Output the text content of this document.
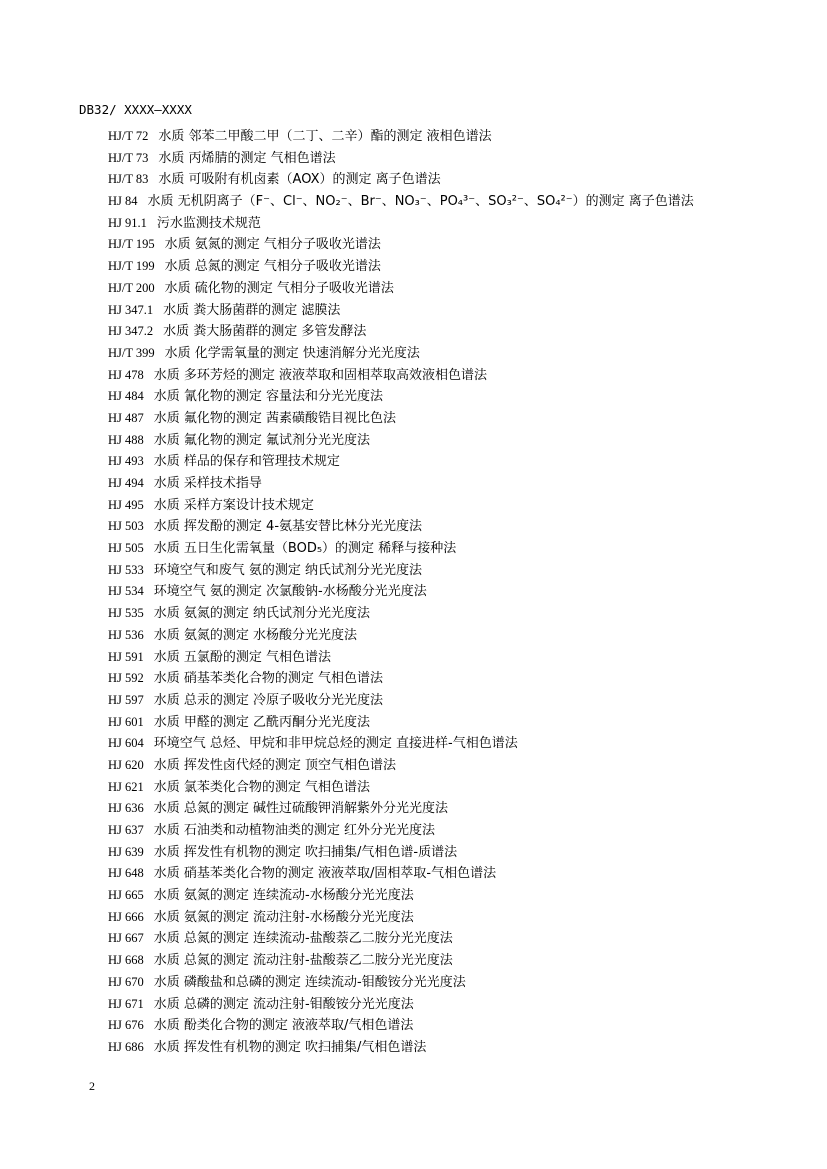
DB32/ XXXX—XXXX
HJ/T 72 水质 邻苯二甲酸二甲（二丁、二辛）酯的测定 液相色谱法
HJ/T 73 水质 丙烯腈的测定 气相色谱法
HJ/T 83 水质 可吸附有机卤素（AOX）的测定 离子色谱法
HJ 84 水质 无机阴离子（F⁻、Cl⁻、NO₂⁻、Br⁻、NO₃⁻、PO₄³⁻、SO₃²⁻、SO₄²⁻）的测定 离子色谱法
HJ 91.1 污水监测技术规范
HJ/T 195 水质 氨氮的测定 气相分子吸收光谱法
HJ/T 199 水质 总氮的测定 气相分子吸收光谱法
HJ/T 200 水质 硫化物的测定 气相分子吸收光谱法
HJ 347.1 水质 粪大肠菌群的测定 滤膜法
HJ 347.2 水质 粪大肠菌群的测定 多管发酵法
HJ/T 399 水质 化学需氧量的测定 快速消解分光光度法
HJ 478 水质 多环芳烃的测定 液液萃取和固相萃取高效液相色谱法
HJ 484 水质 氰化物的测定 容量法和分光光度法
HJ 487 水质 氟化物的测定 茜素磺酸锆目视比色法
HJ 488 水质 氟化物的测定 氟试剂分光光度法
HJ 493 水质 样品的保存和管理技术规定
HJ 494 水质 采样技术指导
HJ 495 水质 采样方案设计技术规定
HJ 503 水质 挥发酚的测定 4-氨基安替比林分光光度法
HJ 505 水质 五日生化需氧量（BOD₅）的测定 稀释与接种法
HJ 533 环境空气和废气 氨的测定 纳氏试剂分光光度法
HJ 534 环境空气 氨的测定 次氯酸钠-水杨酸分光光度法
HJ 535 水质 氨氮的测定 纳氏试剂分光光度法
HJ 536 水质 氨氮的测定 水杨酸分光光度法
HJ 591 水质 五氯酚的测定 气相色谱法
HJ 592 水质 硝基苯类化合物的测定 气相色谱法
HJ 597 水质 总汞的测定 冷原子吸收分光光度法
HJ 601 水质 甲醛的测定 乙酰丙酮分光光度法
HJ 604 环境空气 总烃、甲烷和非甲烷总烃的测定 直接进样-气相色谱法
HJ 620 水质 挥发性卤代烃的测定 顶空气相色谱法
HJ 621 水质 氯苯类化合物的测定 气相色谱法
HJ 636 水质 总氮的测定 碱性过硫酸钾消解紫外分光光度法
HJ 637 水质 石油类和动植物油类的测定 红外分光光度法
HJ 639 水质 挥发性有机物的测定 吹扫捕集/气相色谱-质谱法
HJ 648 水质 硝基苯类化合物的测定 液液萃取/固相萃取-气相色谱法
HJ 665 水质 氨氮的测定 连续流动-水杨酸分光光度法
HJ 666 水质 氨氮的测定 流动注射-水杨酸分光光度法
HJ 667 水质 总氮的测定 连续流动-盐酸萘乙二胺分光光度法
HJ 668 水质 总氮的测定 流动注射-盐酸萘乙二胺分光光度法
HJ 670 水质 磷酸盐和总磷的测定 连续流动-钼酸铵分光光度法
HJ 671 水质 总磷的测定 流动注射-钼酸铵分光光度法
HJ 676 水质 酚类化合物的测定 液液萃取/气相色谱法
HJ 686 水质 挥发性有机物的测定 吹扫捕集/气相色谱法
2
